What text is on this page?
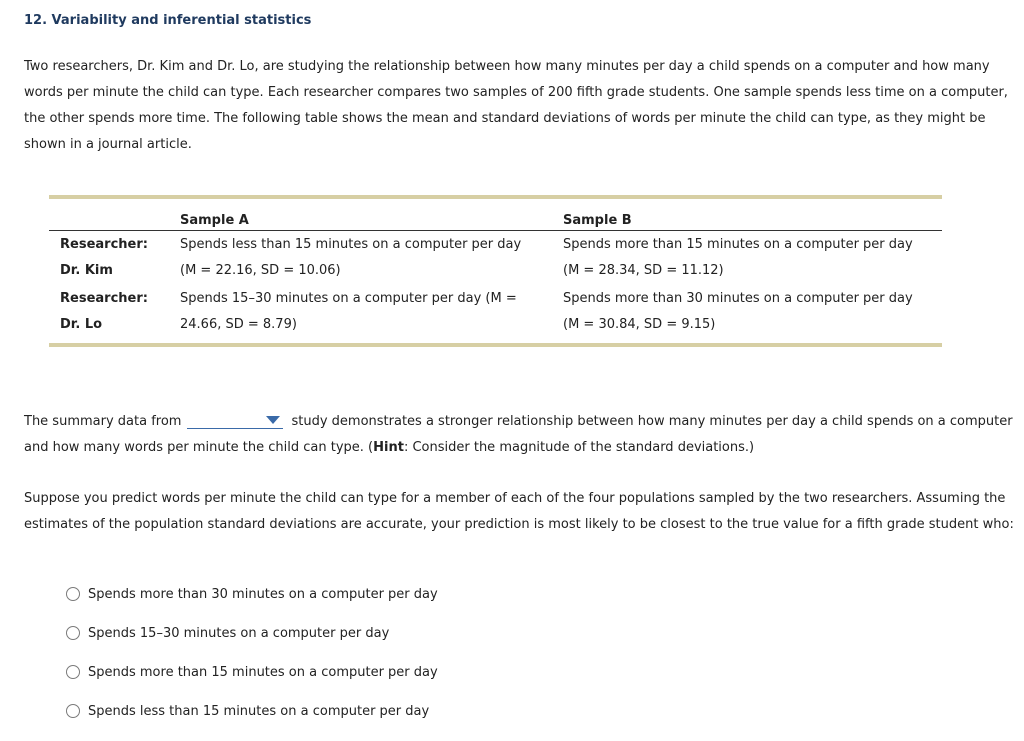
12. Variability and inferential statistics

Two researchers, Dr. Kim and Dr. Lo, are studying the relationship between how many minutes per day a child spends on a computer and how many words per minute the child can type. Each researcher compares two samples of 200 fifth grade students. One sample spends less time on a computer, the other spends more time. The following table shows the mean and standard deviations of words per minute the child can type, as they might be shown in a journal article.

Sample A	Sample B
Researcher:
Dr. Kim
Spends less than 15 minutes on a computer per day
(M = 22.16, SD = 10.06)
Spends more than 15 minutes on a computer per day
(M = 28.34, SD = 11.12)
Researcher:
Dr. Lo
Spends 15–30 minutes on a computer per day (M =
24.66, SD = 8.79)
Spends more than 30 minutes on a computer per day
(M = 30.84, SD = 9.15)

The summary data from	study demonstrates a stronger relationship between how many minutes per day a child spends on a computer and how many words per minute the child can type. (Hint: Consider the magnitude of the standard deviations.)

Suppose you predict words per minute the child can type for a member of each of the four populations sampled by the two researchers. Assuming the estimates of the population standard deviations are accurate, your prediction is most likely to be closest to the true value for a fifth grade student who:

Spends more than 30 minutes on a computer per day
Spends 15–30 minutes on a computer per day
Spends more than 15 minutes on a computer per day
Spends less than 15 minutes on a computer per day
